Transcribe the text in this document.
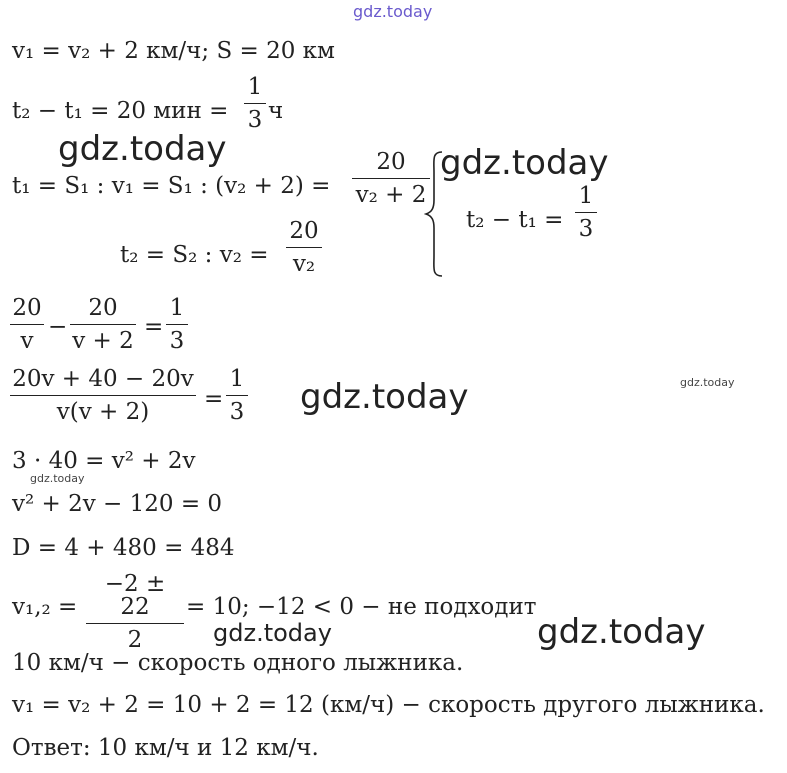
gdz.today
gdz.today	gdz.today
gdz.today	gdz.today
gdz.today
gdz.today	gdz.today
v₁ = v₂ + 2 км/ч; S = 20 км
t₂ − t₁ = 20 мин =
1
3 ч
t₁ = S₁ : v₁ = S₁ : (v₂ + 2) =
20
v₂ + 2
t₂ = S₂ : v₂ =
20
v₂
t₂ − t₁ =
1
3
20
v
−
20
v + 2
=
1
3
20v + 40 − 20v
v(v + 2)	=
1
3
3 · 40 = v² + 2v
v² + 2v − 120 = 0
D = 4 + 480 = 484
v₁,₂ =
−2 ± 22
2
= 10; −12 < 0 − не подходит
10 км/ч − скорость одного лыжника.
v₁ = v₂ + 2 = 10 + 2 = 12 (км/ч) − скорость другого лыжника.
Ответ: 10 км/ч и 12 км/ч.
